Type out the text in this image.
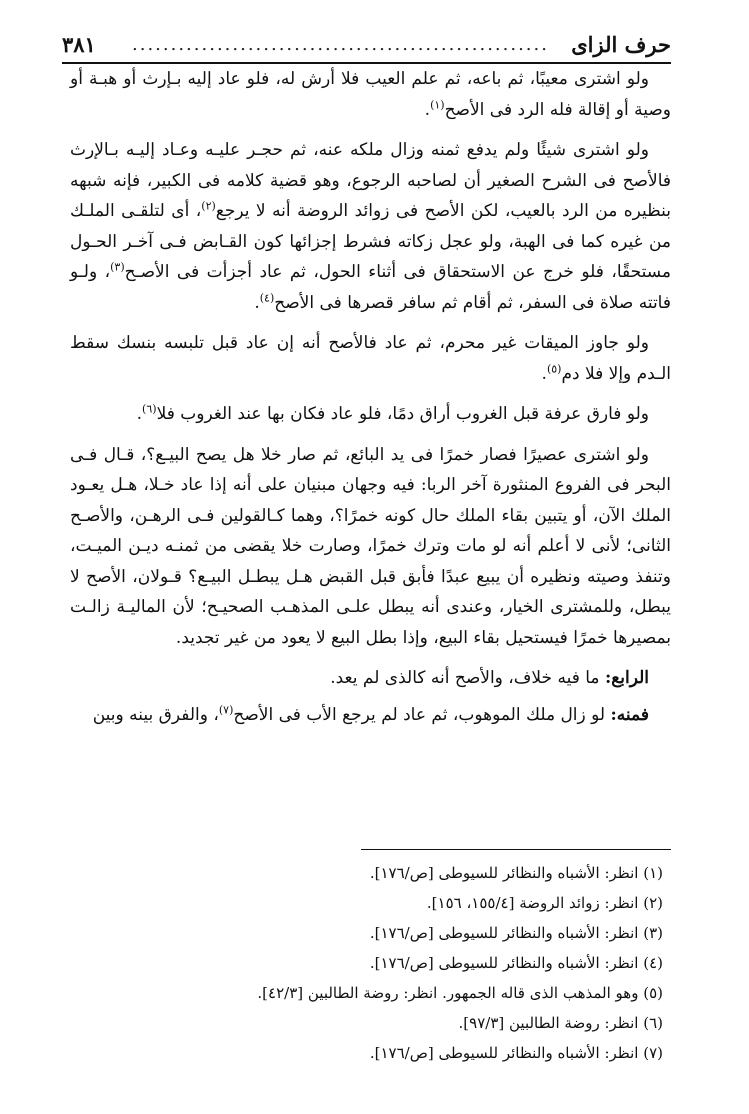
حرف الزاى
......................................................
٣٨١

ولو اشترى معيبًا، ثم باعه، ثم علم العيب فلا أرش له، فلو عاد إليه بـإرث أو هبـة أو وصية أو إقالة فله الرد فى الأصح$^{(١)}$.

ولو اشترى شيئًا ولم يدفع ثمنه وزال ملكه عنه، ثم حجـر عليـه وعـاد إليـه بـالإرث فالأصح فى الشرح الصغير أن لصاحبه الرجوع، وهو قضية كلامه فى الكبير، فإنه شبهه بنظيره من الرد بالعيب، لكن الأصح فى زوائد الروضة أنه لا يرجع$^{(٢)}$، أى لتلقـى الملـك من غيره كما فى الهبة، ولو عجل زكاته فشرط إجزائها كون القـابض فـى آخـر الحـول مستحقًا، فلو خرج عن الاستحقاق فى أثناء الحول، ثم عاد أجزأت فى الأصـح$^{(٣)}$، ولـو فاتته صلاة فى السفر، ثم أقام ثم سافر قصرها فى الأصح$^{(٤)}$.

ولو جاوز الميقات غير محرم، ثم عاد فالأصح أنه إن عاد قبل تلبسه بنسك سقط الـدم وإلا فلا دم$^{(٥)}$.

ولو فارق عرفة قبل الغروب أراق دمًا، فلو عاد فكان بها عند الغروب فلا$^{(٦)}$.

ولو اشترى عصيرًا فصار خمرًا فى يد البائع، ثم صار خلا هل يصح البيـع؟، قـال فـى البحر فى الفروع المنثورة آخر الربا: فيه وجهان مبنيان على أنه إذا عاد خـلا، هـل يعـود الملك الآن، أو يتبين بقاء الملك حال كونه خمرًا؟، وهما كـالقولين فـى الرهـن، والأصـح الثانى؛ لأنى لا أعلم أنه لو مات وترك خمرًا، وصارت خلا يقضى من ثمنـه ديـن الميـت، وتنفذ وصيته ونظيره أن يبيع عبدًا فأبق قبل القبض هـل يبطـل البيـع؟ قـولان، الأصح لا يبطل، وللمشترى الخيار، وعندى أنه يبطل علـى المذهـب الصحيـح؛ لأن الماليـة زالـت بمصيرها خمرًا فيستحيل بقاء البيع، وإذا بطل البيع لا يعود من غير تجديد.

الرابع: ما فيه خلاف، والأصح أنه كالذى لم يعد.

فمنه: لو زال ملك الموهوب، ثم عاد لم يرجع الأب فى الأصح$^{(٧)}$، والفرق بينه وبين

(١) انظر: الأشباه والنظائر للسيوطى [ص/١٧٦].

(٢) انظر: زوائد الروضة [١٥٥/٤، ١٥٦].

(٣) انظر: الأشباه والنظائر للسيوطى [ص/١٧٦].

(٤) انظر: الأشباه والنظائر للسيوطى [ص/١٧٦].

(٥) وهو المذهب الذى قاله الجمهور. انظر: روضة الطالبين [٤٢/٣].

(٦) انظر: روضة الطالبين [٩٧/٣].

(٧) انظر: الأشباه والنظائر للسيوطى [ص/١٧٦].
